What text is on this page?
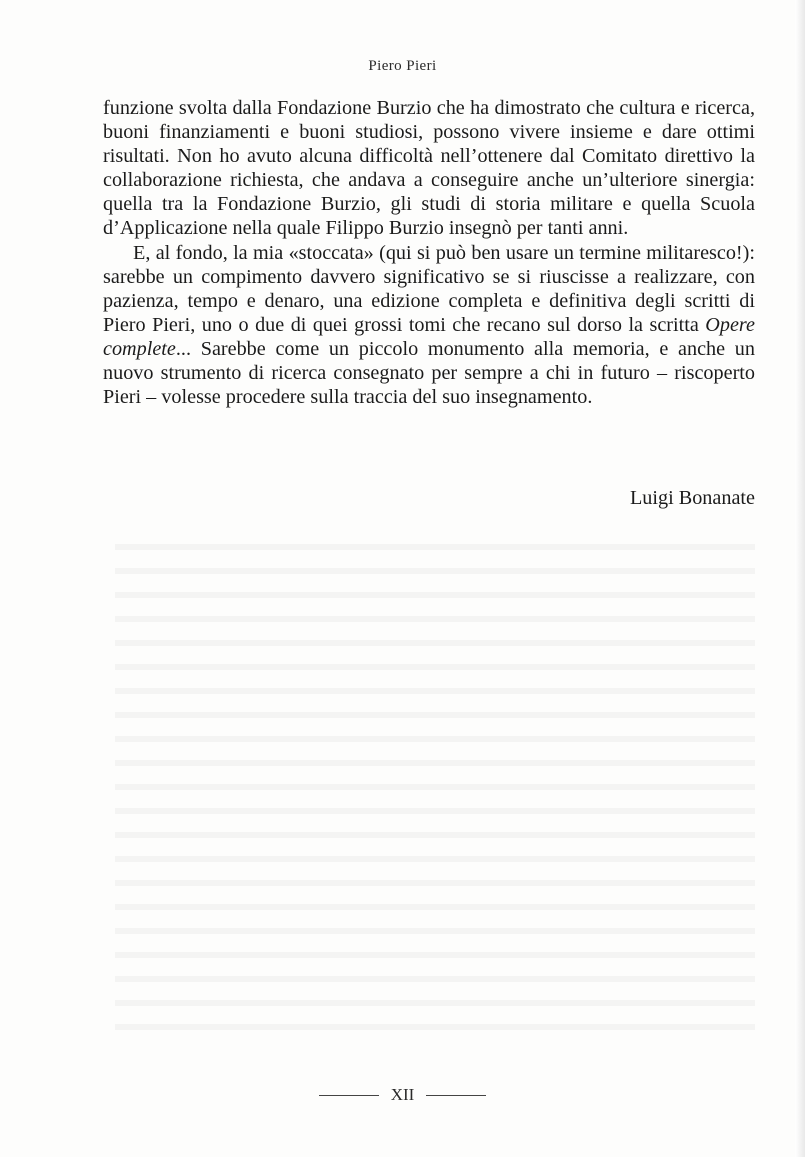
Piero Pieri

funzione svolta dalla Fondazione Burzio che ha dimostrato che cultura e ricerca, buoni finanziamenti e buoni studiosi, possono vivere insieme e dare ottimi risultati. Non ho avuto alcuna difficoltà nell’ottenere dal Comitato direttivo la collaborazione richiesta, che andava a conseguire anche un’ulteriore sinergia: quella tra la Fondazione Burzio, gli studi di storia militare e quella Scuola d’Applicazione nella quale Filippo Burzio insegnò per tanti anni.

E, al fondo, la mia «stoccata» (qui si può ben usare un termine militaresco!): sarebbe un compimento davvero significativo se si riuscisse a realizzare, con pazienza, tempo e denaro, una edizione completa e definitiva degli scritti di Piero Pieri, uno o due di quei grossi tomi che recano sul dorso la scritta Opere complete... Sarebbe come un piccolo monumento alla memoria, e anche un nuovo strumento di ricerca consegnato per sempre a chi in futuro – riscoperto Pieri – volesse procedere sulla traccia del suo insegnamento.

Luigi Bonanate
XII
